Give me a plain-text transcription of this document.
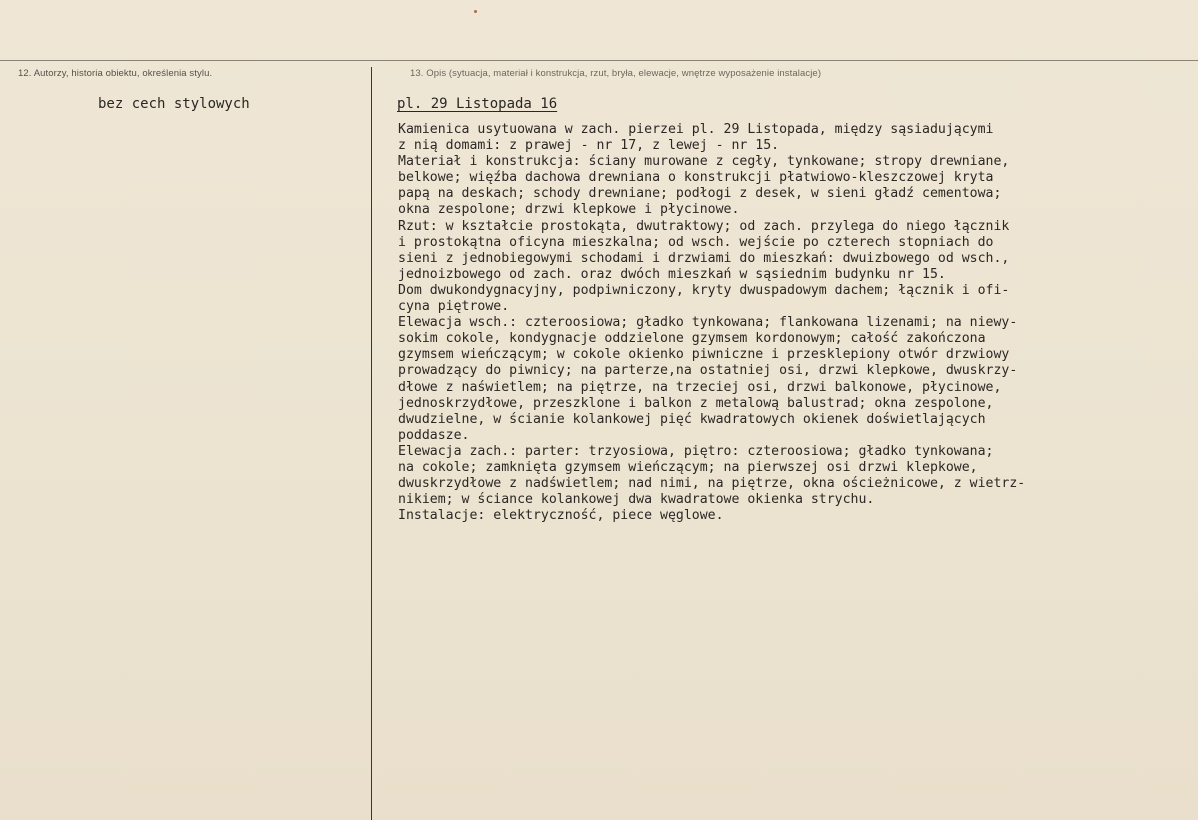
12. Autorzy, historia obiektu, określenia stylu.	13. Opis (sytuacja, materiał i konstrukcja, rzut, bryła, elewacje, wnętrze wyposażenie instalacje)
bez cech stylowych	pl. 29 Listopada 16
Kamienica usytuowana w zach. pierzei pl. 29 Listopada, między sąsiadującymi
z nią domami: z prawej - nr 17, z lewej - nr 15.
Materiał i konstrukcja: ściany murowane z cegły, tynkowane; stropy drewniane,
belkowe; więźba dachowa drewniana o konstrukcji płatwiowo-kleszczowej kryta
papą na deskach; schody drewniane; podłogi z desek, w sieni gładź cementowa;
okna zespolone; drzwi klepkowe i płycinowe.
Rzut: w kształcie prostokąta, dwutraktowy; od zach. przylega do niego łącznik
i prostokątna oficyna mieszkalna; od wsch. wejście po czterech stopniach do
sieni z jednobiegowymi schodami i drzwiami do mieszkań: dwuizbowego od wsch.,
jednoizbowego od zach. oraz dwóch mieszkań w sąsiednim budynku nr 15.
Dom dwukondygnacyjny, podpiwniczony, kryty dwuspadowym dachem; łącznik i ofi-
cyna piętrowe.
Elewacja wsch.: czteroosiowa; gładko tynkowana; flankowana lizenami; na niewy-
sokim cokole, kondygnacje oddzielone gzymsem kordonowym; całość zakończona
gzymsem wieńczącym; w cokole okienko piwniczne i przesklepiony otwór drzwiowy
prowadzący do piwnicy; na parterze,na ostatniej osi, drzwi klepkowe, dwuskrzy-
dłowe z naświetlem; na piętrze, na trzeciej osi, drzwi balkonowe, płycinowe,
jednoskrzydłowe, przeszklone i balkon z metalową balustrad; okna zespolone,
dwudzielne, w ścianie kolankowej pięć kwadratowych okienek doświetlających
poddasze.
Elewacja zach.: parter: trzyosiowa, piętro: czteroosiowa; gładko tynkowana;
na cokole; zamknięta gzymsem wieńczącym; na pierwszej osi drzwi klepkowe,
dwuskrzydłowe z nadświetlem; nad nimi, na piętrze, okna ościeżnicowe, z wietrz-
nikiem; w ściance kolankowej dwa kwadratowe okienka strychu.
Instalacje: elektryczność, piece węglowe.
